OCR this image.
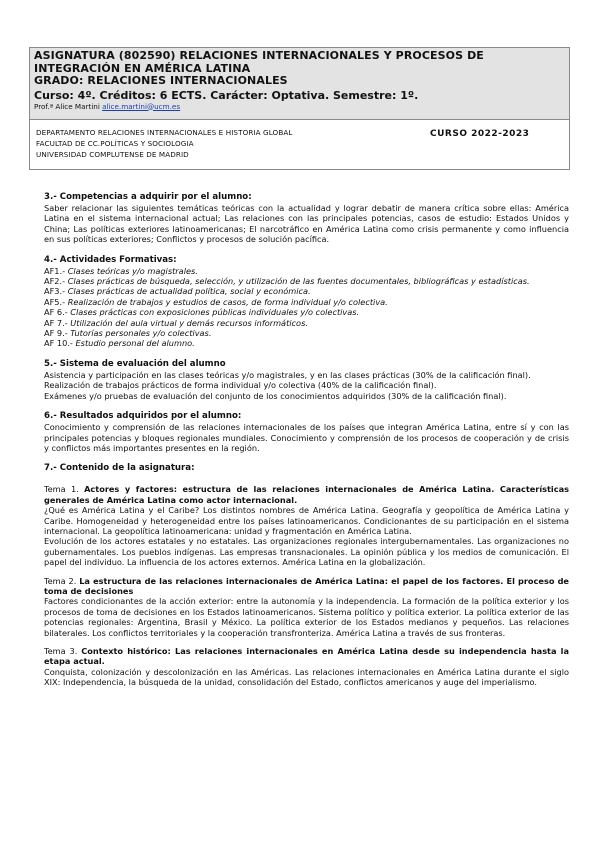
ASIGNATURA (802590) RELACIONES INTERNACIONALES Y PROCESOS DE
INTEGRACIÓN EN AMÉRICA LATINA
GRADO: RELACIONES INTERNACIONALES
Curso: 4º. Créditos: 6 ECTS. Carácter: Optativa. Semestre: 1º.
Prof.ª Alice Martini alice.martini@ucm.es
DEPARTAMENTO RELACIONES INTERNACIONALES E HISTORIA GLOBAL
FACULTAD DE CC.POLÍTICAS Y SOCIOLOGIA
UNIVERSIDAD COMPLUTENSE DE MADRID
CURSO 2022-2023
3.- Competencias a adquirir por el alumno:

Saber relacionar las siguientes temáticas teóricas con la actualidad y lograr debatir de manera crítica sobre ellas: América Latina en el sistema internacional actual; Las relaciones con las principales potencias, casos de estudio: Estados Unidos y China; Las políticas exteriores latinoamericanas; El narcotráfico en América Latina como crisis permanente y como influencia en sus políticas exteriores; Conflictos y procesos de solución pacífica.

4.- Actividades Formativas:

AF1.- Clases teóricas y/o magistrales.

AF2.- Clases prácticas de búsqueda, selección, y utilización de las fuentes documentales, bibliográficas y estadísticas.

AF3.- Clases prácticas de actualidad política, social y económica.

AF5.- Realización de trabajos y estudios de casos, de forma individual y/o colectiva.

AF 6.- Clases prácticas con exposiciones públicas individuales y/o colectivas.

AF 7.- Utilización del aula virtual y demás recursos informáticos.

AF 9.- Tutorías personales y/o colectivas.

AF 10.- Estudio personal del alumno.

5.- Sistema de evaluación del alumno

Asistencia y participación en las clases teóricas y/o magistrales, y en las clases prácticas (30% de la calificación final).

Realización de trabajos prácticos de forma individual y/o colectiva (40% de la calificación final).

Exámenes y/o pruebas de evaluación del conjunto de los conocimientos adquiridos (30% de la calificación final).

6.- Resultados adquiridos por el alumno:

Conocimiento y comprensión de las relaciones internacionales de los países que integran América Latina, entre sí y con las principales potencias y bloques regionales mundiales. Conocimiento y comprensión de los procesos de cooperación y de crisis y conflictos más importantes presentes en la región.

7.- Contenido de la asignatura:

Tema 1. Actores y factores: estructura de las relaciones internacionales de América Latina. Características generales de América Latina como actor internacional.

¿Qué es América Latina y el Caribe? Los distintos nombres de América Latina. Geografía y geopolítica de América Latina y Caribe. Homogeneidad y heterogeneidad entre los países latinoamericanos. Condicionantes de su participación en el sistema internacional. La geopolítica latinoamericana: unidad y fragmentación en América Latina.

Evolución de los actores estatales y no estatales. Las organizaciones regionales intergubernamentales. Las organizaciones no gubernamentales. Los pueblos indígenas. Las empresas transnacionales. La opinión pública y los medios de comunicación. El papel del individuo. La influencia de los actores externos. América Latina en la globalización.

Tema 2. La estructura de las relaciones internacionales de América Latina: el papel de los factores. El proceso de toma de decisiones

Factores condicionantes de la acción exterior: entre la autonomía y la independencia. La formación de la política exterior y los procesos de toma de decisiones en los Estados latinoamericanos. Sistema político y política exterior. La política exterior de las potencias regionales: Argentina, Brasil y México. La política exterior de los Estados medianos y pequeños. Las relaciones bilaterales. Los conflictos territoriales y la cooperación transfronteriza. América Latina a través de sus fronteras.

Tema 3. Contexto histórico: Las relaciones internacionales en América Latina desde su independencia hasta la etapa actual.

Conquista, colonización y descolonización en las Américas. Las relaciones internacionales en América Latina durante el siglo XIX: Independencia, la búsqueda de la unidad, consolidación del Estado, conflictos americanos y auge del imperialismo.
